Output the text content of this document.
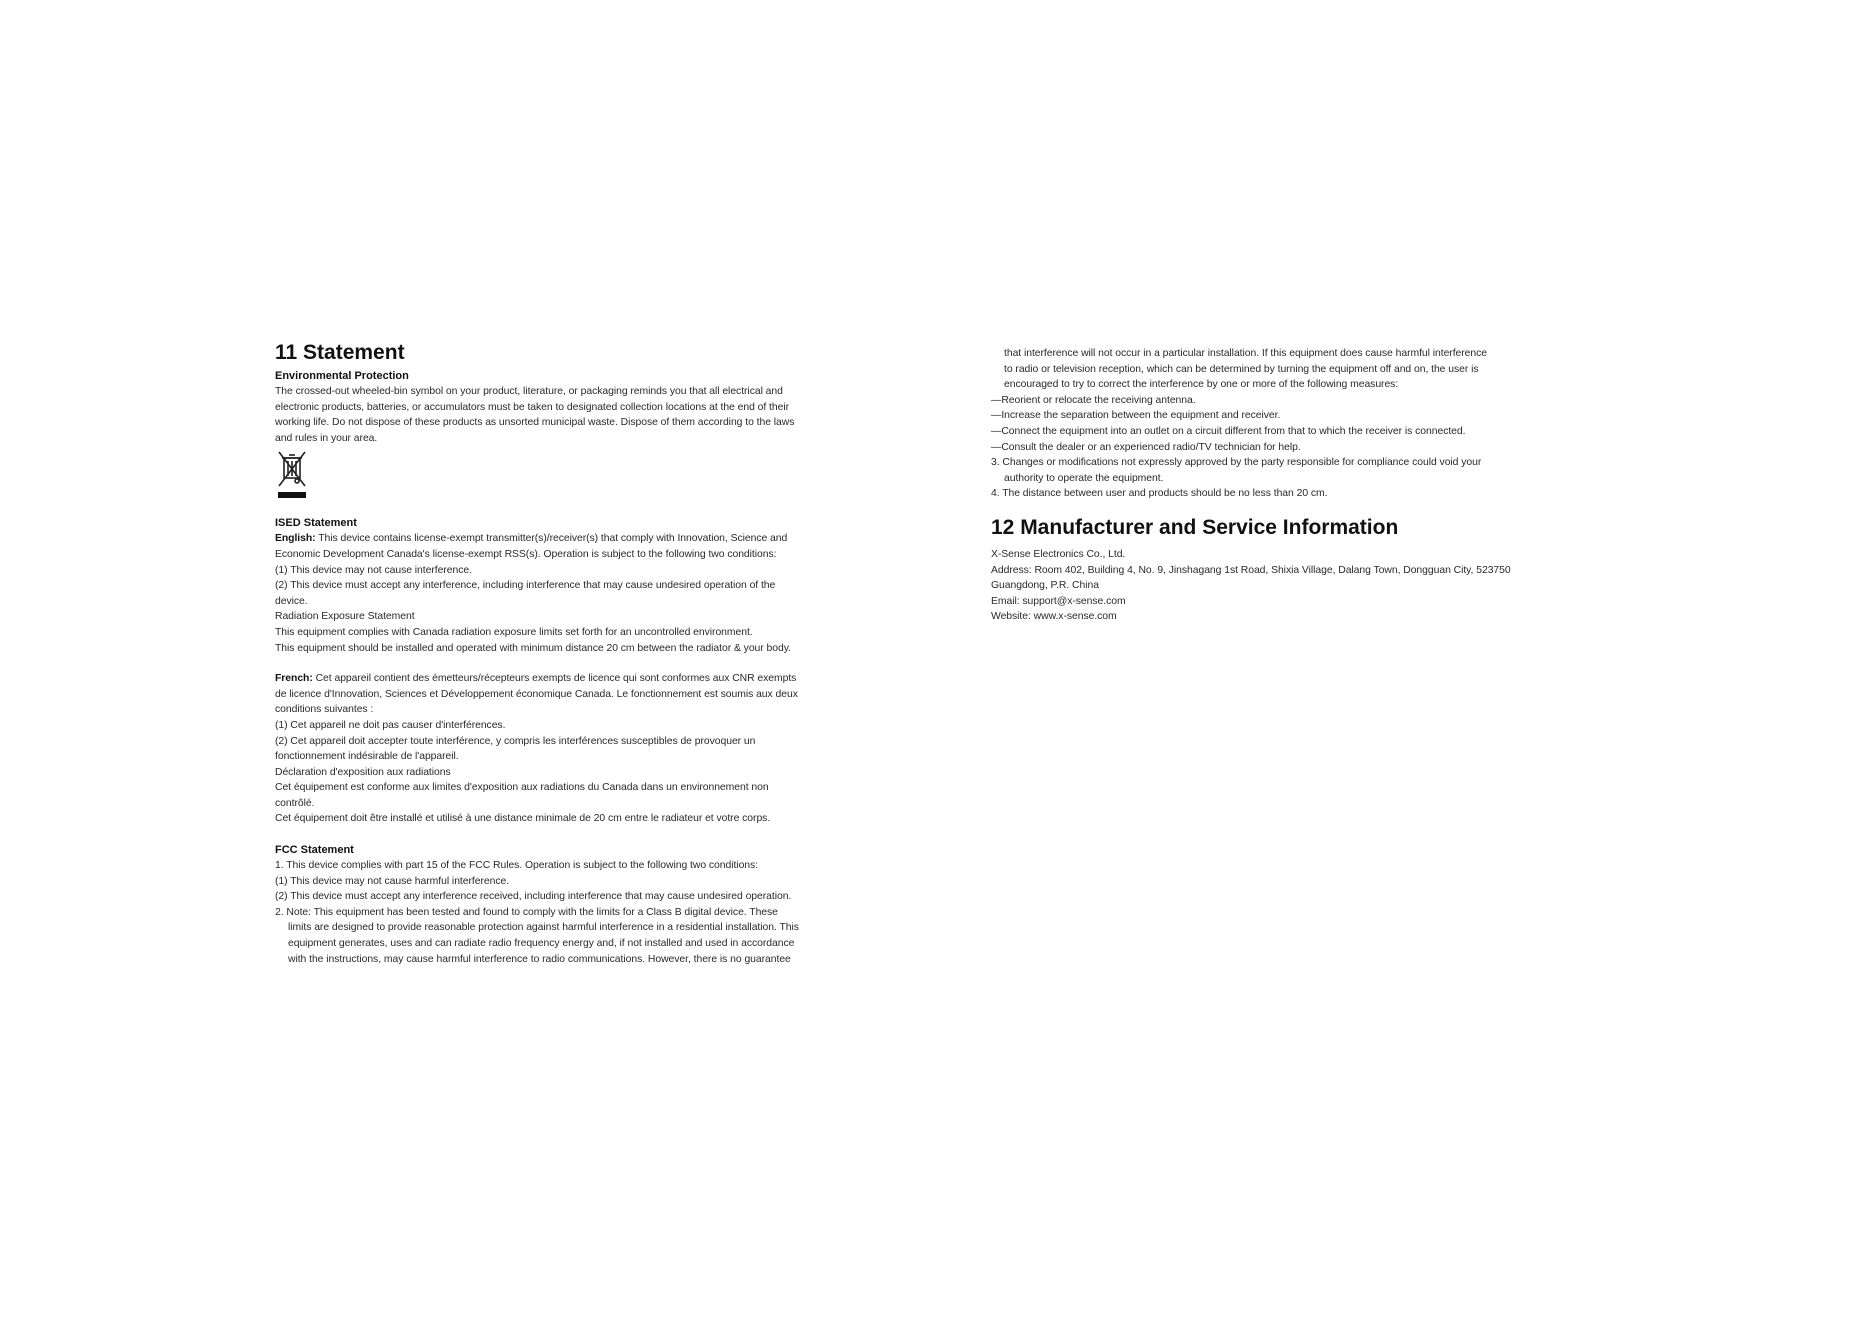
11 Statement
Environmental Protection
The crossed-out wheeled-bin symbol on your product, literature, or packaging reminds you that all electrical and
electronic products, batteries, or accumulators must be taken to designated collection locations at the end of their
working life. Do not dispose of these products as unsorted municipal waste. Dispose of them according to the laws
and rules in your area.
ISED Statement
English: This device contains license-exempt transmitter(s)/receiver(s) that comply with Innovation, Science and
Economic Development Canada's license-exempt RSS(s). Operation is subject to the following two conditions:
(1) This device may not cause interference.
(2) This device must accept any interference, including interference that may cause undesired operation of the
device.
Radiation Exposure Statement
This equipment complies with Canada radiation exposure limits set forth for an uncontrolled environment.
This equipment should be installed and operated with minimum distance 20 cm between the radiator & your body.
French: Cet appareil contient des émetteurs/récepteurs exempts de licence qui sont conformes aux CNR exempts
de licence d'Innovation, Sciences et Développement économique Canada. Le fonctionnement est soumis aux deux
conditions suivantes :
(1) Cet appareil ne doit pas causer d'interférences.
(2) Cet appareil doit accepter toute interférence, y compris les interférences susceptibles de provoquer un
fonctionnement indésirable de l'appareil.
Déclaration d'exposition aux radiations
Cet équipement est conforme aux limites d'exposition aux radiations du Canada dans un environnement non
contrôlé.
Cet équipement doit être installé et utilisé à une distance minimale de 20 cm entre le radiateur et votre corps.
FCC Statement
1. This device complies with part 15 of the FCC Rules. Operation is subject to the following two conditions:
(1) This device may not cause harmful interference.
(2) This device must accept any interference received, including interference that may cause undesired operation.
2. Note: This equipment has been tested and found to comply with the limits for a Class B digital device. These
limits are designed to provide reasonable protection against harmful interference in a residential installation. This
equipment generates, uses and can radiate radio frequency energy and, if not installed and used in accordance
with the instructions, may cause harmful interference to radio communications. However, there is no guarantee
that interference will not occur in a particular installation. If this equipment does cause harmful interference
to radio or television reception, which can be determined by turning the equipment off and on, the user is
encouraged to try to correct the interference by one or more of the following measures:
—Reorient or relocate the receiving antenna.
—Increase the separation between the equipment and receiver.
—Connect the equipment into an outlet on a circuit different from that to which the receiver is connected.
—Consult the dealer or an experienced radio/TV technician for help.
3. Changes or modifications not expressly approved by the party responsible for compliance could void your
authority to operate the equipment.
4. The distance between user and products should be no less than 20 cm.
12 Manufacturer and Service Information
X-Sense Electronics Co., Ltd.
Address: Room 402, Building 4, No. 9, Jinshagang 1st Road, Shixia Village, Dalang Town, Dongguan City, 523750
Guangdong, P.R. China
Email: support@x-sense.com
Website: www.x-sense.com
